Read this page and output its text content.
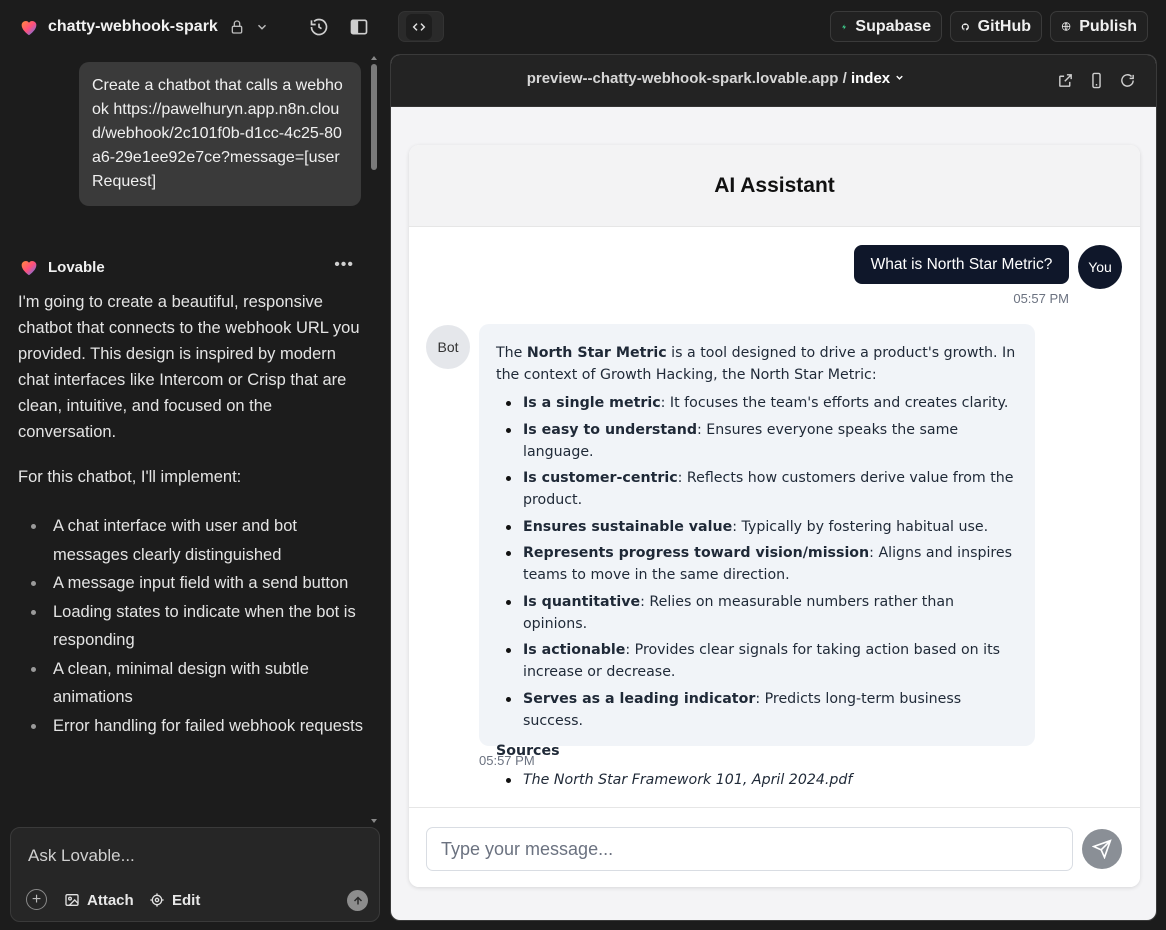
chatty-webhook-spark	Supabase	GitHub	Publish
Create a chatbot that calls a webhook https://pawelhuryn.app.n8n.cloud/webhook/2c101f0b-d1cc-4c25-80a6-29e1ee92e7ce?message=[userRequest]
Lovable	•••

I'm going to create a beautiful, responsive chatbot that connects to the webhook URL you provided. This design is inspired by modern chat interfaces like Intercom or Crisp that are clean, intuitive, and focused on the conversation.

For this chatbot, I'll implement:

A chat interface with user and bot messages clearly distinguished
A message input field with a send button
Loading states to indicate when the bot is responding
A clean, minimal design with subtle animations
Error handling for failed webhook requests
Ask Lovable...
+	Attach	Edit
preview--chatty-webhook-spark.lovable.app / index
AI Assistant
What is North Star Metric?	You
05:57 PM
Bot	The North Star Metric is a tool designed to drive a product's growth. In the context of Growth Hacking, the North Star Metric:

Is a single metric: It focuses the team's efforts and creates clarity.
Is easy to understand: Ensures everyone speaks the same language.
Is customer-centric: Reflects how customers derive value from the product.
Ensures sustainable value: Typically by fostering habitual use.
Represents progress toward vision/mission: Aligns and inspires teams to move in the same direction.
Is quantitative: Relies on measurable numbers rather than opinions.
Is actionable: Provides clear signals for taking action based on its increase or decrease.
Serves as a leading indicator: Predicts long-term business success.

Sources

The North Star Framework 101, April 2024.pdf
05:57 PM
Type your message...
